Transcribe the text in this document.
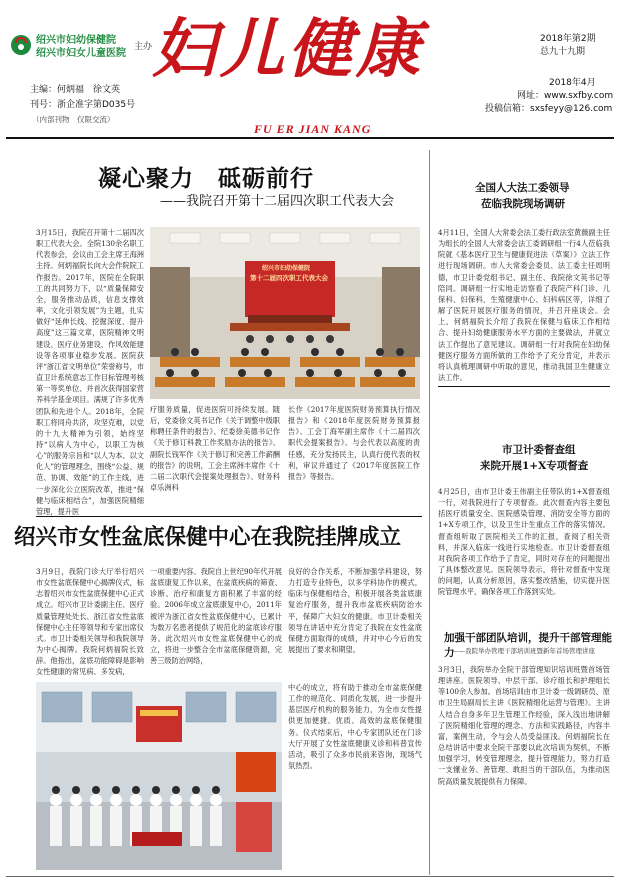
绍兴市妇幼保健院
绍兴市妇女儿童医院
主办 妇儿健康	2018年第2期
总九十九期
主编：何炳福　徐文英
刊号：浙企准字第D035号
（内部刊物　仅限交流）
2018年4月
网址：www.sxfby.com
投稿信箱：sxsfeyy@126.com
FU ER JIAN KANG
凝心聚力　砥砺前行
——我院召开第十二届四次职工代表大会
3月15日，我院召开第十二届四次职工代表大会。全院130余名职工代表参会，会议由工会主席王海洲主持。何炳福院长向大会作院院工作报告。2017年，医院在全院职工的共同努力下，以“质量保障安全，服务推动品质，信息支撑效率，文化引领发展”为主题，扎实做好“延伸长线、挖掘深度、提升高度”这三篇文章，医院精神文明建设、医疗业务建设、作风效能建设等各项事业稳步发展。医院获评“浙江省文明单位”荣誉称号，市直卫计系统意志工作目标管理考核第一等奖单位、并首次获得国家营养科学基金项目。满规了许多优秀团队和先进个人。2018年，全院职工将同舟共济，攻坚克难，以党的十九大精神为引领，始终坚持“以病人为中心，以职工为核心”的服务宗旨和“以人为本、以文化人”的管理理念，围绕“公益、规范、协调、效能”的工作主线，进一步深化公立医院改革，推进“保健与临床相结合”，加强医院精细管理，提升医
绍兴市妇幼保健院
第十二届四次职工代表大会
疗服务质量，促进医院可持续发展。随后，党委徐文英书记作《关于调整中级职称聘任条件的报告》、纪委徐美德书记作《关于修订科教工作奖励办法的报告》、副院长钱军作《关于修订和完善工作薪酬的报告》的说明，工会主席洲丰席作《十二届二次职代会提案处理报告》、财务科卓乐洲科
长作《2017年度医院财务预算执行情况报告》和《2018年度医院财务预算报告》、工会丁海军副主席作《十二届四次职代会提案报告》。与会代表以高度的责任感，充分发扬民主，认真行使代表的权利，审议并通过了《2017年度医院工作报告》等报告。
全国人大法工委领导
莅临我院现场调研
4月11日，全国人大常委会法工委行政法室黄薇副主任为组长的全国人大常委会法工委调研组一行4人莅临我院就《基本医疗卫生与健康促进法（草案）》立法工作进行现场调研。市人大常委会委员、法工委主任周明德，市卫计委党组书记、副主任、我院徐文英书记等陪同。调研组一行实地走访察看了我院产科门诊、儿保科、妇保科、生殖健康中心、妇科病区等，详细了解了医院开展医疗服务的情况，并召开座谈会。会上，何炳福院长介绍了我院在保健与临床工作相结合、提升妇幼健康服务水平方面的主要做法，并就立法工作提出了意见建议。调研组一行对我院在妇幼保健医疗服务方面所做的工作给予了充分肯定，并表示将认真梳理调研中听取的意见，推动我国卫生健康立法工作。
市卫计委督查组
来院开展1+X专项督查
4月25日，由市卫计委王伟副主任带队的1+X督查组一行，对我院进行了专项督查。此次督查内容主要包括医疗质量安全、医院感染管理、消防安全等方面的1+X专项工作，以及卫生计生重点工作的落实情况。督查组听取了医院相关工作的汇报，查阅了相关资料，并深入临床一线进行实地检查。市卫计委督查组对我院各项工作给予了肯定，同时对存在的问题提出了具体整改意见。医院领导表示，将针对督查中发现的问题，认真分析原因，落实整改措施，切实提升医院管理水平，确保各项工作落到实处。
加强干部团队培训，提升干部管理能力
——我院举办管理干部培训班暨新年首场管理讲座
3月3日，我院举办全院干部管理知识培训班暨首场管理讲座。医院领导、中层干部、诊疗组长和护理组长等100余人参加。首场培训由市卫计委一级调研员、原市卫生局副局长主讲《医院精细化运营与管理》。主讲人结合自身多年卫生管理工作经验，深入浅出地讲解了医院精细化管理的理念、方法和实践路径，内容丰富，案例生动，令与会人员受益匪浅。何炳福院长在总结讲话中要求全院干部要以此次培训为契机，不断加强学习，转变管理理念，提升管理能力，努力打造一支懂业务、善管理、敢担当的干部队伍，为推动医院高质量发展提供有力保障。
绍兴市女性盆底保健中心在我院挂牌成立
3月9日，我院门诊大厅举行绍兴市女性盆底保健中心揭牌仪式，标志着绍兴市女性盆底保健中心正式成立。绍兴市卫计委副主任、医疗质量管理处处长、浙江省女性盆底保健中心主任等领导和专家出席仪式。市卫计委相关领导和我院领导为中心揭牌。我院何炳福院长致辞。他指出，盆底功能障碍是影响女性健康的常见病、多发病，
一项重要内容。我院自上世纪90年代开展盆底康复工作以来，在盆底疾病的筛查、诊断、治疗和康复方面积累了丰富的经验。2006年成立盆底康复中心，2011年被评为浙江省女性盆底保健中心，已累计为数万名患者提供了规范化的盆底诊疗服务。此次绍兴市女性盆底保健中心的成立，将进一步整合全市盆底保健资源，完善三级防治网络，
良好的合作关系，不断加强学科建设，努力打造专业特色，以多学科协作的模式，临床与保健相结合，积极开展各类盆底康复治疗服务，提升我市盆底疾病防治水平，保障广大妇女的健康。市卫计委相关领导在讲话中充分肯定了我院在女性盆底保健方面取得的成绩，并对中心今后的发展提出了要求和期望。
中心的成立，将有助于推动全市盆底保健工作的规范化、同质化发展，进一步提升基层医疗机构的服务能力，为全市女性提供更加便捷、优质、高效的盆底保健服务。仪式结束后，中心专家团队还在门诊大厅开展了女性盆底健康义诊和科普宣传活动，吸引了众多市民前来咨询，现场气氛热烈。
